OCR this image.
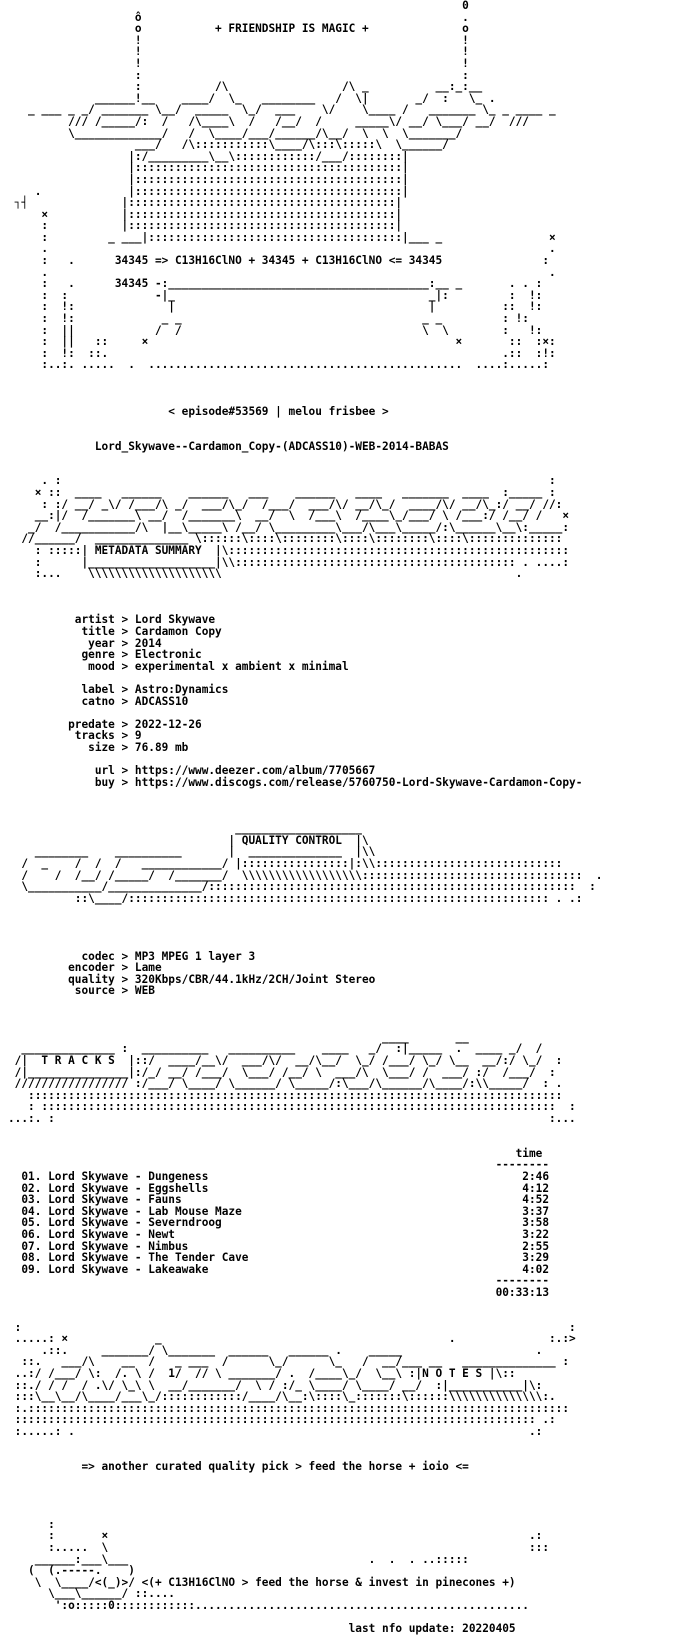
0
ô                                                .
o           + FRIENDSHIP IS MAGIC +              o
!                                                !
!                                                !
!                                                !
:                                                :
:           /\                 /\ _          __:_:__
______!__    ____/  \_   ________   /  \|       _/  :   \_ .
_ ___ _ _/ _______ \__/  _____  \_/  ___    \/    \____ /   _______ \_ _ ____ _
/// /_____/:  /   /\____\  /   /__/  /     _____\/ __/ \___/ __/  ///
\_____________/   /  \____/___/______/\__/  \  \  \_______/
___/   /\:::::::::::\____/\:::\:::::\  \______/
|:/_________\__\::::::::::::/___/::::::::|
|::::::::::::::::::::::::::::::::::::::::|
|::::::::::::::::::::::::::::::::::::::::|
.             |::::::::::::::::::::::::::::::::::::::::|
┐┤              |::::::::::::::::::::::::::::::::::::::::|
×           |::::::::::::::::::::::::::::::::::::::::|
:           |::::::::::::::::::::::::::::::::::::::::|
:         _ ___|::::::::::::::::::::::::::::::::::::::|___ _                ×
.                                                                           .
:   .      34345 => C13H16ClNO + 34345 + C13H16ClNO <= 34345               :
.                                                                           .
:   .      34345 -:_______________________________________:__ _       . . :
:  :             -|_                                      _|:         :  !:
:  !:              |                                      |          ::  !:
:  !:             _ _                                    _ _         : !:
:  ||            /  /                                    \  \        :   !:
:  ||   ::     ×                                              ×       ::  :×:
:  !:  ::.                                                           .::  :!:
:..:. .....  .  ...............................................  ....:.....:
< episode#53569 | melou frisbee >
Lord_Skywave--Cardamon_Copy-(ADCASS10)-WEB-2014-BABAS
. :                                                                         :
× ::  ____   ______    ______   ___    ______   ____   _______  ____  :_____ :
: :/ __/ _\/ /___/\ _/  ___/\_/  /___/  ___/\/ __/\_/  ____/\/ __/\_:/ __/ //:
__:|/  /_______\ __/  /_______\  __/  \  /___\  /____\_/___/ \ /___:/ /__/ /   ×
_/  /___________/\  |__\_____\ /__/ \_________\___/\___\_____/:\______\__\:_____:
//______/  ______________ \::::::\::::\::::::::\::::\::::::::\::::\::::::::::::::
: :::::| METADATA SUMMARY  |\:::::::::::::::::::::::::::::::::::::::::::::::::::
:      |___________________|\\:::::::::::::::::::::::::::::::::::::::::: . ....:
:...    \\\\\\\\\\\\\\\\\\\\                                            .
artist > Lord Skywave
title > Cardamon Copy
year > 2014
genre > Electronic
mood > experimental x ambient x minimal
label > Astro:Dynamics
catno > ADCASS10
predate > 2022-12-26
tracks > 9
size > 76.89 mb
url > https://www.deezer.com/album/7705667
buy > https://www.discogs.com/release/5760750-Lord-Skywave-Cardamon-Copy-
___________________
| QUALITY CONTROL  |\
________    __________       |  ______________  |\\
/  _    /  /  /   ____________/ |::::::::::::::::|:\\::::::::::::::::::::::::::::
/    /  /__/ /_____/  /_______/  \\\\\\\\\\\\\\\\\\:::::::::::::::::::::::::::::::::  .
\___________/______________/:::::::::::::::::::::::::::::::::::::::::::::::::::::::  :
::\____/::::::::::::::::::::::::::::::::::::::::::::::::::::::::::::::: . .:
codec > MP3 MPEG 1 layer 3
encoder > Lame
quality > 320Kbps/CBR/44.1kHz/2CH/Joint Stereo
source > WEB
____       __
______________ :  __________   __________    ____   _/  :|_____  .  ____ _/  /
/|  T R A C K S  |::/  ____/__\/  ___/\/  __/\__/  \_/ /___/ \_/ \__  __/:/ \_/  :
/|_______________|:/_/ __/ /___/  \___/ /__/ \  ___/\  \___/ /  ___/ :/  /___/  :
///////////////// :/___/ \____/ \______/ \_____/:\___/\______/\____/:\\_____/  : .
::::::::::::::::::::::::::::::::::::::::::::::::::::::::::::::::::::::::::::::::
: :::::::::::::::::::::::::::::::::::::::::::::::::::::::::::::::::::::::::::::  :
...:. :                                                                          :...
time
--------
01. Lord Skywave - Dungeness                                               2:46
02. Lord Skywave - Eggshells                                               4:12
03. Lord Skywave - Fauns                                                   4:52
04. Lord Skywave - Lab Mouse Maze                                          3:37
05. Lord Skywave - Severndroog                                             3:58
06. Lord Skywave - Newt                                                    3:22
07. Lord Skywave - Nimbus                                                  2:55
08. Lord Skywave - The Tender Cave                                         3:29
09. Lord Skywave - Lakeawake                                               4:02
--------
00:33:13
:                                                                                  :
.....: ×             _                                           .              :.:>
.::.     _______/ \_______  ______   ______ .    _____                    .
::.   ___/\    __  /   _ ___  /      \_/      \_   /  __/___ __   ______________ :
..:/ /___/ \:  /. \ /  1/  // \ _______/ .  /____\_/  \__\ :|N O T E S |\::
::./ / /  / .\/ \_\ \  __/_______/  \ / :/_ \____/ \____/ __/  :|___________|\:
:::\__\__/\____/___\_/::::::::::::/____/\__:\::::\_:::::::\::::::\\\\\\\\\\\\\\:.
:.:::::::::::::::::::::::::::::::::::::::::::::::::::::::::::::::::::::::::::::::::
:::::::::::::::::::::::::::::::::::::::::::::::::::::::::::::::::::::::::::::: .:
:.....: .                                                                    .:
=> another curated quality pick > feed the horse + ioio <=
:
:       ×                                                               .:
:.....  \                                                               :::
______:___\___                                    .  .  . ..:::::
(  (.-----.    )
\  \____/<(_)>/ <(+ C13H16ClNO > feed the horse & invest in pinecones +)
\___\______/ ::....
':o:::::0::::::::::::..................................................
last nfo update: 20220405
